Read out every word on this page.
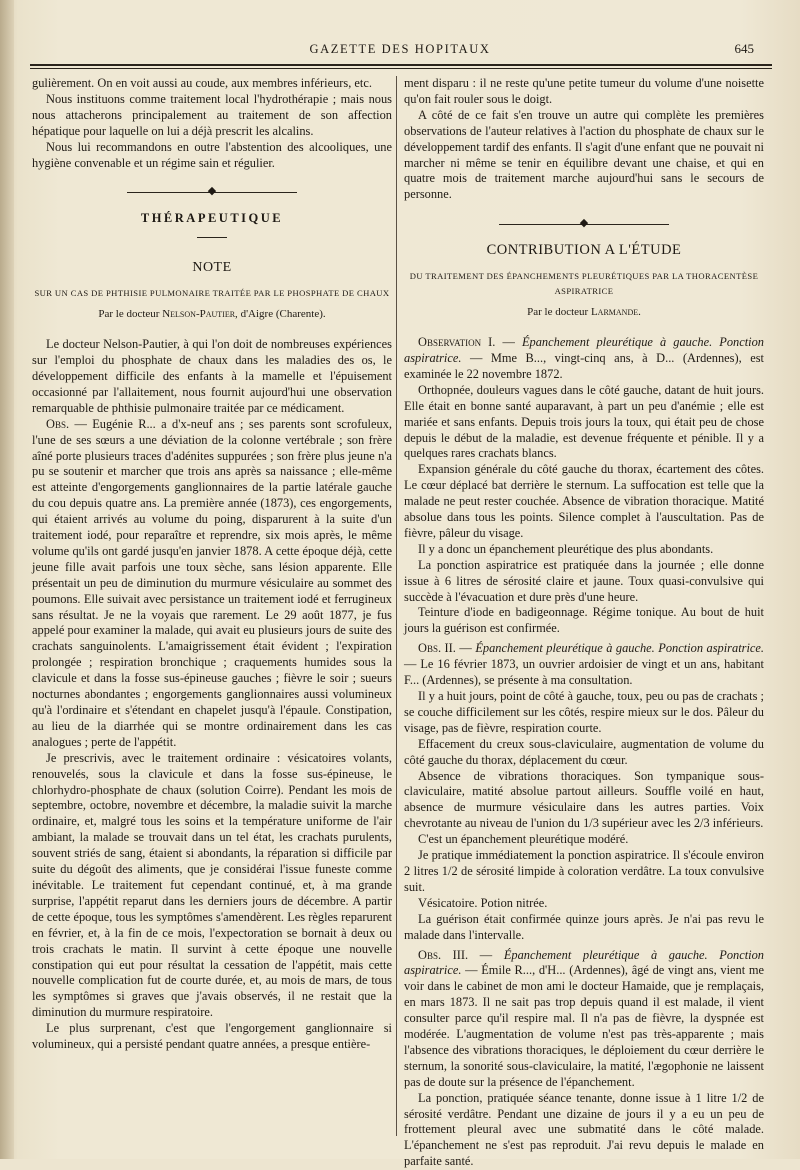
GAZETTE DES HOPITAUX	645

gulièrement. On en voit aussi au coude, aux membres inférieurs, etc.

Nous instituons comme traitement local l'hydrothérapie ; mais nous nous attacherons principalement au traitement de son affection hépatique pour laquelle on lui a déjà prescrit les alcalins.

Nous lui recommandons en outre l'abstention des alcooliques, une hygiène convenable et un régime sain et régulier.

◆
THÉRAPEUTIQUE
NOTE
SUR UN CAS DE PHTHISIE PULMONAIRE TRAITÉE PAR LE PHOSPHATE DE CHAUX
Par le docteur Nelson-Pautier, d'Aigre (Charente).

Le docteur Nelson-Pautier, à qui l'on doit de nombreuses expériences sur l'emploi du phosphate de chaux dans les maladies des os, le développement difficile des enfants à la mamelle et l'épuisement occasionné par l'allaitement, nous fournit aujourd'hui une observation remarquable de phthisie pulmonaire traitée par ce médicament.

Obs. — Eugénie R... a d'x-neuf ans ; ses parents sont scrofuleux, l'une de ses sœurs a une déviation de la colonne vertébrale ; son frère aîné porte plusieurs traces d'adénites suppurées ; son frère plus jeune n'a pu se soutenir et marcher que trois ans après sa naissance ; elle-même est atteinte d'engorgements ganglionnaires de la partie latérale gauche du cou depuis quatre ans. La première année (1873), ces engorgements, qui étaient arrivés au volume du poing, disparurent à la suite d'un traitement iodé, pour reparaître et reprendre, six mois après, le même volume qu'ils ont gardé jusqu'en janvier 1878. A cette époque déjà, cette jeune fille avait parfois une toux sèche, sans lésion apparente. Elle présentait un peu de diminution du murmure vésiculaire au sommet des poumons. Elle suivait avec persistance un traitement iodé et ferrugineux sans résultat. Je ne la voyais que rarement. Le 29 août 1877, je fus appelé pour examiner la malade, qui avait eu plusieurs jours de suite des crachats sanguinolents. L'amaigrissement était évident ; l'expiration prolongée ; respiration bronchique ; craquements humides sous la clavicule et dans la fosse sus-épineuse gauches ; fièvre le soir ; sueurs nocturnes abondantes ; engorgements ganglionnaires aussi volumineux qu'à l'ordinaire et s'étendant en chapelet jusqu'à l'épaule. Constipation, au lieu de la diarrhée qui se montre ordinairement dans les cas analogues ; perte de l'appétit.

Je prescrivis, avec le traitement ordinaire : vésicatoires volants, renouvelés, sous la clavicule et dans la fosse sus-épineuse, le chlorhydro-phosphate de chaux (solution Coirre). Pendant les mois de septembre, octobre, novembre et décembre, la maladie suivit la marche ordinaire, et, malgré tous les soins et la température uniforme de l'air ambiant, la malade se trouvait dans un tel état, les crachats purulents, souvent striés de sang, étaient si abondants, la réparation si difficile par suite du dégoût des aliments, que je considérai l'issue funeste comme inévitable. Le traitement fut cependant continué, et, à ma grande surprise, l'appétit reparut dans les derniers jours de décembre. A partir de cette époque, tous les symptômes s'amendèrent. Les règles reparurent en février, et, à la fin de ce mois, l'expectoration se bornait à deux ou trois crachats le matin. Il survint à cette époque une nouvelle constipation qui eut pour résultat la cessation de l'appétit, mais cette nouvelle complication fut de courte durée, et, au mois de mars, de tous les symptômes si graves que j'avais observés, il ne restait que la diminution du murmure respiratoire.

Le plus surprenant, c'est que l'engorgement ganglionnaire si volumineux, qui a persisté pendant quatre années, a presque entière-

ment disparu : il ne reste qu'une petite tumeur du volume d'une noisette qu'on fait rouler sous le doigt.

A côté de ce fait s'en trouve un autre qui complète les premières observations de l'auteur relatives à l'action du phosphate de chaux sur le développement tardif des enfants. Il s'agit d'une enfant que ne pouvait ni marcher ni même se tenir en équilibre devant une chaise, et qui en quatre mois de traitement marche aujourd'hui sans le secours de personne.

◆
CONTRIBUTION A L'ÉTUDE
DU TRAITEMENT DES ÉPANCHEMENTS PLEURÉTIQUES PAR LA THORACENTÈSE ASPIRATRICE
Par le docteur Larmande.

Observation I. — Épanchement pleurétique à gauche. Ponction aspiratrice. — Mme B..., vingt-cinq ans, à D... (Ardennes), est examinée le 22 novembre 1872.

Orthopnée, douleurs vagues dans le côté gauche, datant de huit jours. Elle était en bonne santé auparavant, à part un peu d'anémie ; elle est mariée et sans enfants. Depuis trois jours la toux, qui était peu de chose depuis le début de la maladie, est devenue fréquente et pénible. Il y a quelques rares crachats blancs.

Expansion générale du côté gauche du thorax, écartement des côtes. Le cœur déplacé bat derrière le sternum. La suffocation est telle que la malade ne peut rester couchée. Absence de vibration thoracique. Matité absolue dans tous les points. Silence complet à l'auscultation. Pas de fièvre, pâleur du visage.

Il y a donc un épanchement pleurétique des plus abondants.

La ponction aspiratrice est pratiquée dans la journée ; elle donne issue à 6 litres de sérosité claire et jaune. Toux quasi-convulsive qui succède à l'évacuation et dure près d'une heure.

Teinture d'iode en badigeonnage. Régime tonique. Au bout de huit jours la guérison est confirmée.

Obs. II. — Épanchement pleurétique à gauche. Ponction aspiratrice. — Le 16 février 1873, un ouvrier ardoisier de vingt et un ans, habitant F... (Ardennes), se présente à ma consultation.

Il y a huit jours, point de côté à gauche, toux, peu ou pas de crachats ; se couche difficilement sur les côtés, respire mieux sur le dos. Pâleur du visage, pas de fièvre, respiration courte.

Effacement du creux sous-claviculaire, augmentation de volume du côté gauche du thorax, déplacement du cœur.

Absence de vibrations thoraciques. Son tympanique sous-claviculaire, matité absolue partout ailleurs. Souffle voilé en haut, absence de murmure vésiculaire dans les autres parties. Voix chevrotante au niveau de l'union du 1/3 supérieur avec les 2/3 inférieurs.

C'est un épanchement pleurétique modéré.

Je pratique immédiatement la ponction aspiratrice. Il s'écoule environ 2 litres 1/2 de sérosité limpide à coloration verdâtre. La toux convulsive suit.

Vésicatoire. Potion nitrée.

La guérison était confirmée quinze jours après. Je n'ai pas revu le malade dans l'intervalle.

Obs. III. — Épanchement pleurétique à gauche. Ponction aspiratrice. — Émile R..., d'H... (Ardennes), âgé de vingt ans, vient me voir dans le cabinet de mon ami le docteur Hamaide, que je remplaçais, en mars 1873. Il ne sait pas trop depuis quand il est malade, il vient consulter parce qu'il respire mal. Il n'a pas de fièvre, la dyspnée est modérée. L'augmentation de volume n'est pas très-apparente ; mais l'absence des vibrations thoraciques, le déploiement du cœur derrière le sternum, la sonorité sous-claviculaire, la matité, l'ægophonie ne laissent pas de doute sur la présence de l'épanchement.

La ponction, pratiquée séance tenante, donne issue à 1 litre 1/2 de sérosité verdâtre. Pendant une dizaine de jours il y a eu un peu de frottement pleural avec une submatité dans le côté malade. L'épanchement ne s'est pas reproduit. J'ai revu depuis le malade en parfaite santé.
